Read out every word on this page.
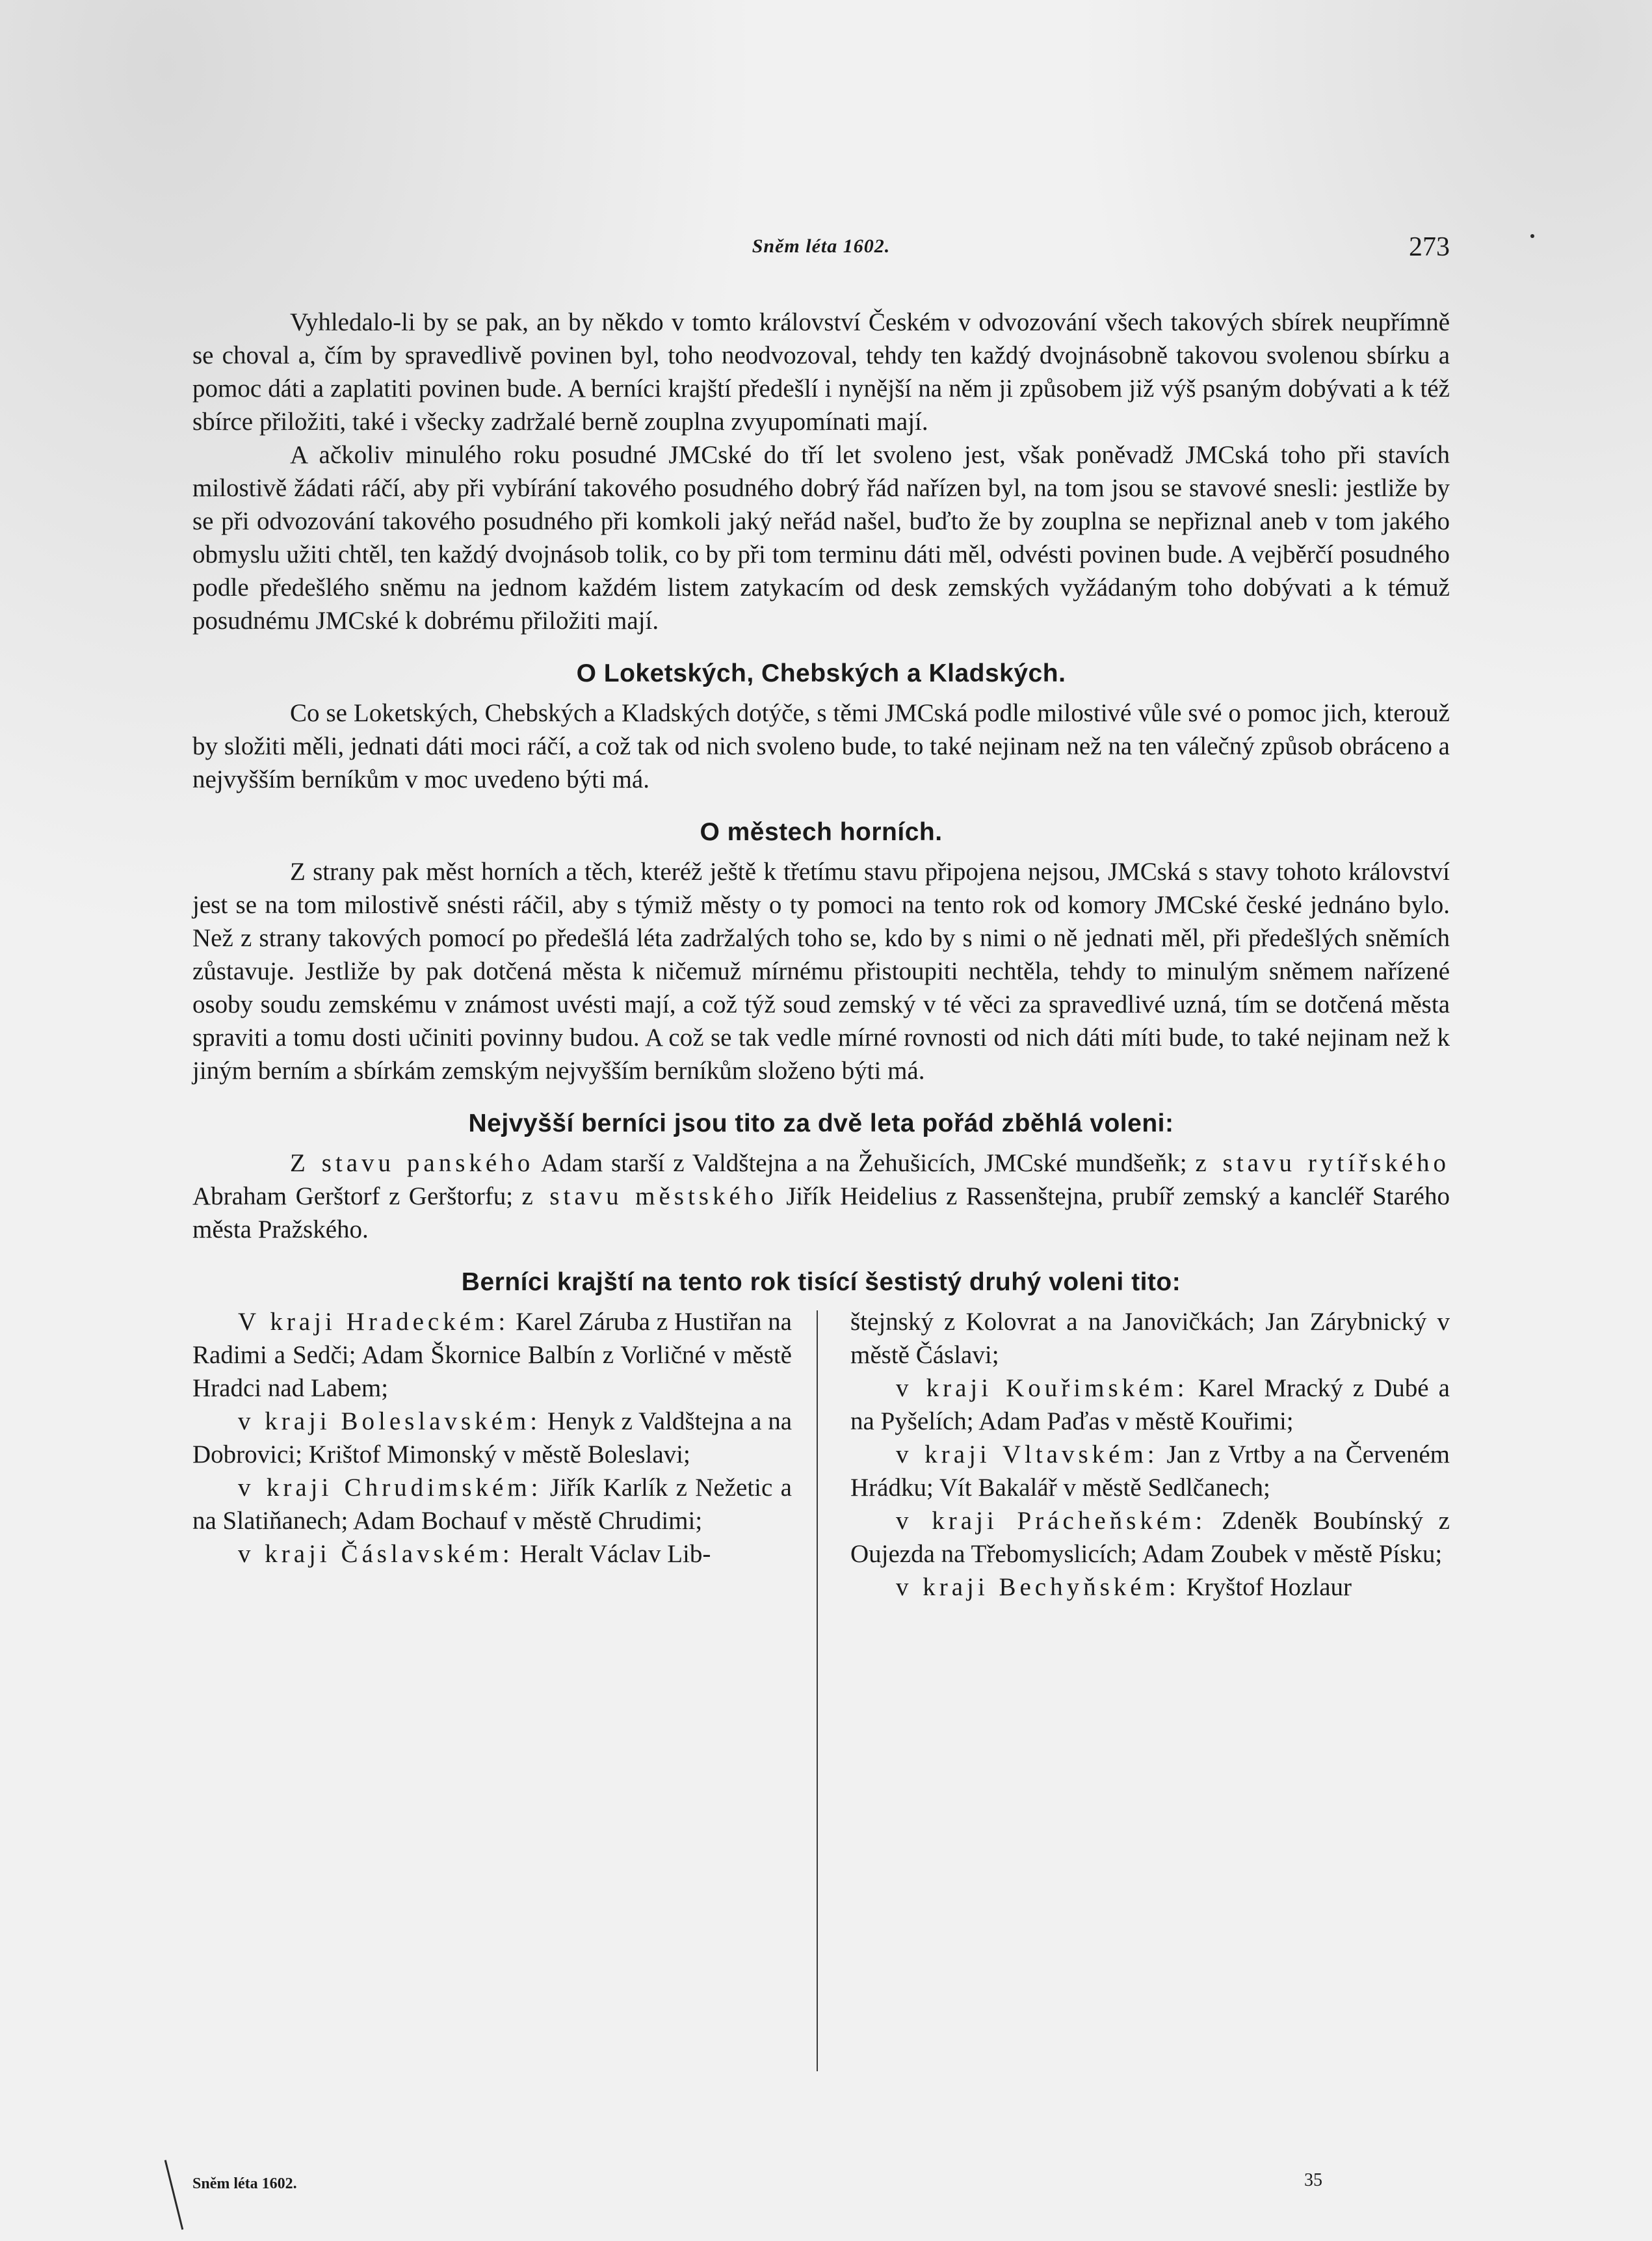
Sněm léta 1602.	273

Vyhledalo-li by se pak, an by někdo v tomto království Českém v odvozování všech takových sbírek neupřímně se choval a, čím by spravedlivě povinen byl, toho neodvozoval, tehdy ten každý dvojnásobně takovou svolenou sbírku a pomoc dáti a zaplatiti povinen bude. A berníci krajští předešlí i nynější na něm ji způsobem již výš psaným dobývati a k též sbírce přiložiti, také i všecky zadržalé berně zouplna zvyupomínati mají.

A ačkoliv minulého roku posudné JMCské do tří let svoleno jest, však poněvadž JMCská toho při stavích milostivě žádati ráčí, aby při vybírání takového posudného dobrý řád nařízen byl, na tom jsou se stavové snesli: jestliže by se při odvozování takového posudného při komkoli jaký neřád našel, buďto že by zouplna se nepřiznal aneb v tom jakého obmyslu užiti chtěl, ten každý dvojnásob tolik, co by při tom terminu dáti měl, odvésti povinen bude. A vejběrčí posudného podle předešlého sněmu na jednom každém listem zatykacím od desk zemských vyžádaným toho dobývati a k témuž posudnému JMCské k dobrému přiložiti mají.

O Loketských, Chebských a Kladských.

Co se Loketských, Chebských a Kladských dotýče, s těmi JMCská podle milostivé vůle své o pomoc jich, kterouž by složiti měli, jednati dáti moci ráčí, a což tak od nich svoleno bude, to také nejinam než na ten válečný způsob obráceno a nejvyšším berníkům v moc uvedeno býti má.

O městech horních.

Z strany pak měst horních a těch, kteréž ještě k třetímu stavu připojena nejsou, JMCská s stavy tohoto království jest se na tom milostivě snésti ráčil, aby s týmiž městy o ty pomoci na tento rok od komory JMCské české jednáno bylo. Než z strany takových pomocí po předešlá léta zadržalých toho se, kdo by s nimi o ně jednati měl, při předešlých sněmích zůstavuje. Jestliže by pak dotčená města k ničemuž mírnému přistoupiti nechtěla, tehdy to minulým sněmem nařízené osoby soudu zemskému v známost uvésti mají, a což týž soud zemský v té věci za spravedlivé uzná, tím se dotčená města spraviti a tomu dosti učiniti povinny budou. A což se tak vedle mírné rovnosti od nich dáti míti bude, to také nejinam než k jiným berním a sbírkám zemským nejvyšším berníkům složeno býti má.

Nejvyšší berníci jsou tito za dvě leta pořád zběhlá voleni:

Z stavu panského Adam starší z Valdštejna a na Žehušicích, JMCské mundšeňk; z stavu rytířského Abraham Gerštorf z Gerštorfu; z stavu městského Jiřík Heidelius z Rassenštejna, prubíř zemský a kancléř Starého města Pražského.

Berníci krajští na tento rok tisící šestistý druhý voleni tito:

V kraji Hradeckém: Karel Záruba z Hustiřan na Radimi a Sedči; Adam Škornice Balbín z Vorličné v městě Hradci nad Labem;

v kraji Boleslavském: Henyk z Valdštejna a na Dobrovici; Krištof Mimonský v městě Boleslavi;

v kraji Chrudimském: Jiřík Karlík z Nežetic a na Slatiňanech; Adam Bochauf v městě Chrudimi;

v kraji Čáslavském: Heralt Václav Lib-

štejnský z Kolovrat a na Janovičkách; Jan Zárybnický v městě Čáslavi;

v kraji Kouřimském: Karel Mracký z Dubé a na Pyšelích; Adam Paďas v městě Kouřimi;

v kraji Vltavském: Jan z Vrtby a na Červeném Hrádku; Vít Bakalář v městě Sedlčanech;

v kraji Prácheňském: Zdeněk Boubínský z Oujezda na Třebomyslicích; Adam Zoubek v městě Písku;

v kraji Bechyňském: Kryštof Hozlaur

Sněm léta 1602.	35
